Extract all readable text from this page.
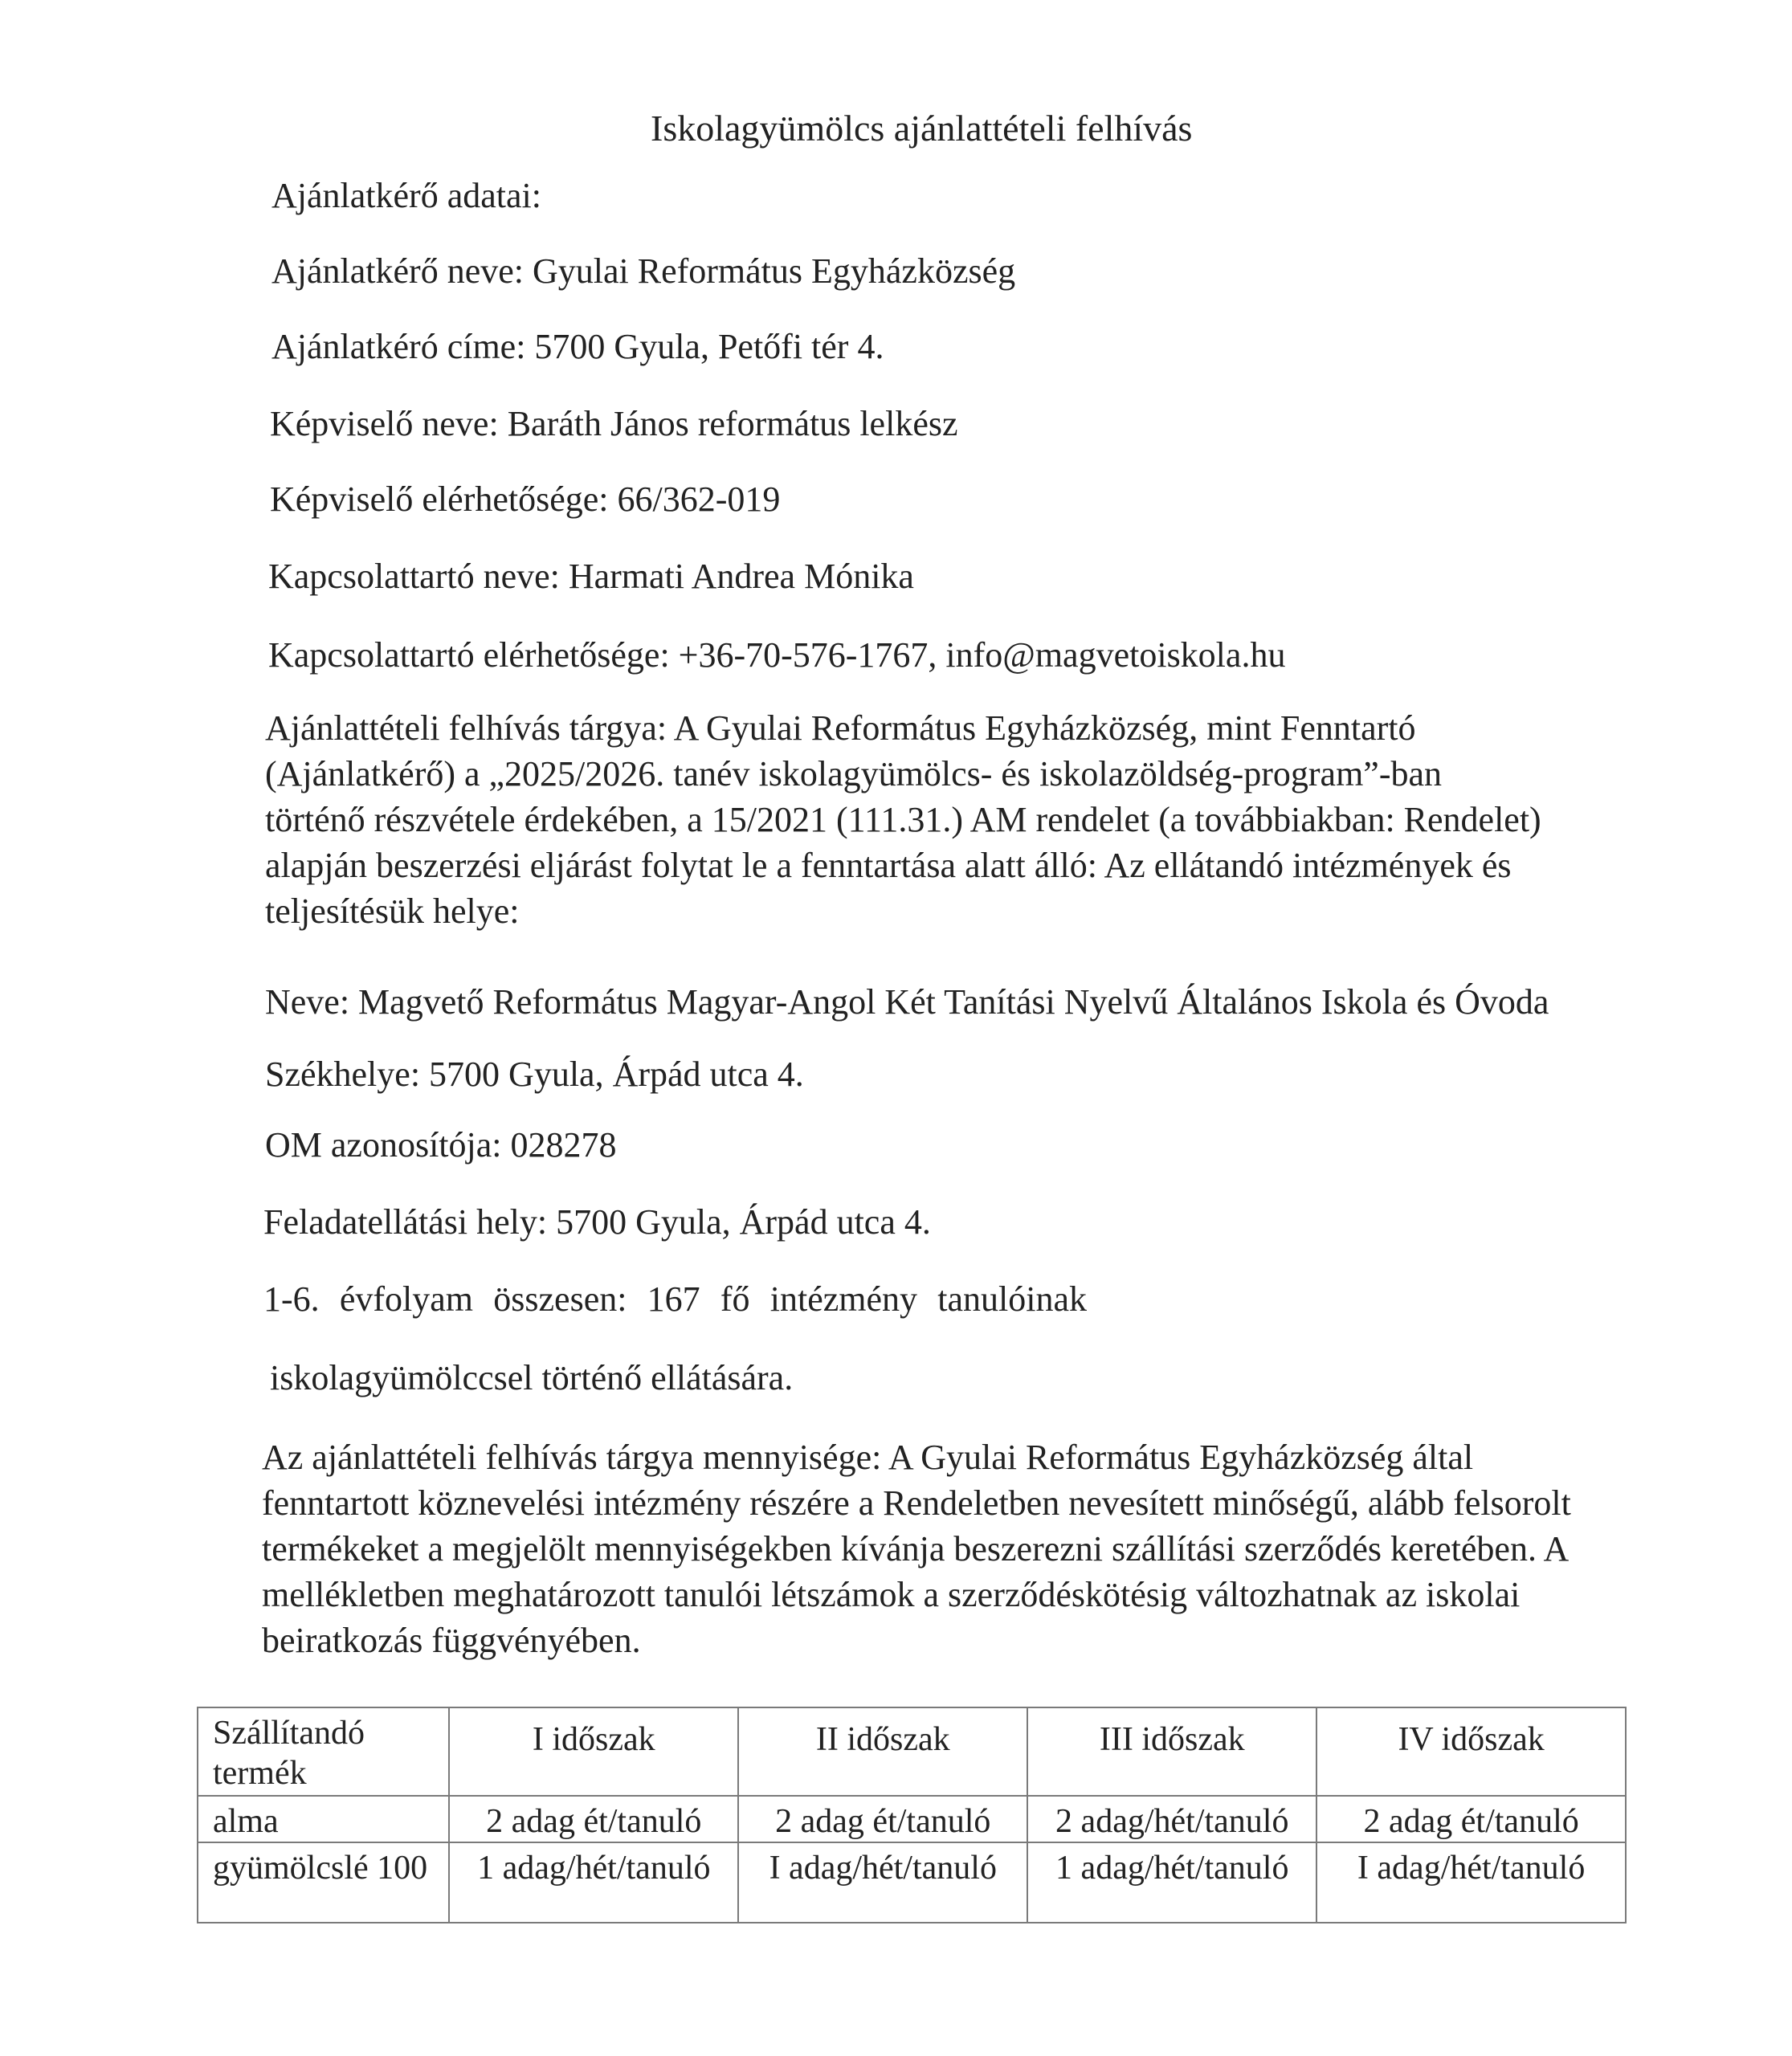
Iskolagyümölcs ajánlattételi felhívás
Ajánlatkérő adatai:
Ajánlatkérő neve: Gyulai Református Egyházközség
Ajánlatkéró címe: 5700 Gyula, Petőfi tér 4.
Képviselő neve: Baráth János református lelkész
Képviselő elérhetősége: 66/362-019
Kapcsolattartó neve: Harmati Andrea Mónika
Kapcsolattartó elérhetősége: +36-70-576-1767, info@magvetoiskola.hu
Ajánlattételi felhívás tárgya: A Gyulai Református Egyházközség, mint Fenntartó
(Ajánlatkérő) a „2025/2026. tanév iskolagyümölcs- és iskolazöldség-program”-ban
történő részvétele érdekében, a 15/2021 (111.31.) AM rendelet (a továbbiakban: Rendelet)
alapján beszerzési eljárást folytat le a fenntartása alatt álló: Az ellátandó intézmények és
teljesítésük helye:
Neve: Magvető Református Magyar-Angol Két Tanítási Nyelvű Általános Iskola és Óvoda
Székhelye: 5700 Gyula, Árpád utca 4.
OM azonosítója: 028278
Feladatellátási hely: 5700 Gyula, Árpád utca 4.
1-6. évfolyam összesen: 167 fő intézmény tanulóinak
iskolagyümölccsel történő ellátására.
Az ajánlattételi felhívás tárgya mennyisége: A Gyulai Református Egyházközség által
fenntartott köznevelési intézmény részére a Rendeletben nevesített minőségű, alább felsorolt
termékeket a megjelölt mennyiségekben kívánja beszerezni szállítási szerződés keretében. A
mellékletben meghatározott tanulói létszámok a szerződéskötésig változhatnak az iskolai
beiratkozás függvényében.
Szállítandó termék	I időszak	II időszak	III időszak	IV időszak
alma	2 adag ét/tanuló	2 adag ét/tanuló	2 adag/hét/tanuló	2 adag ét/tanuló
gyümölcslé 100	1 adag/hét/tanuló	I adag/hét/tanuló	1 adag/hét/tanuló	I adag/hét/tanuló
